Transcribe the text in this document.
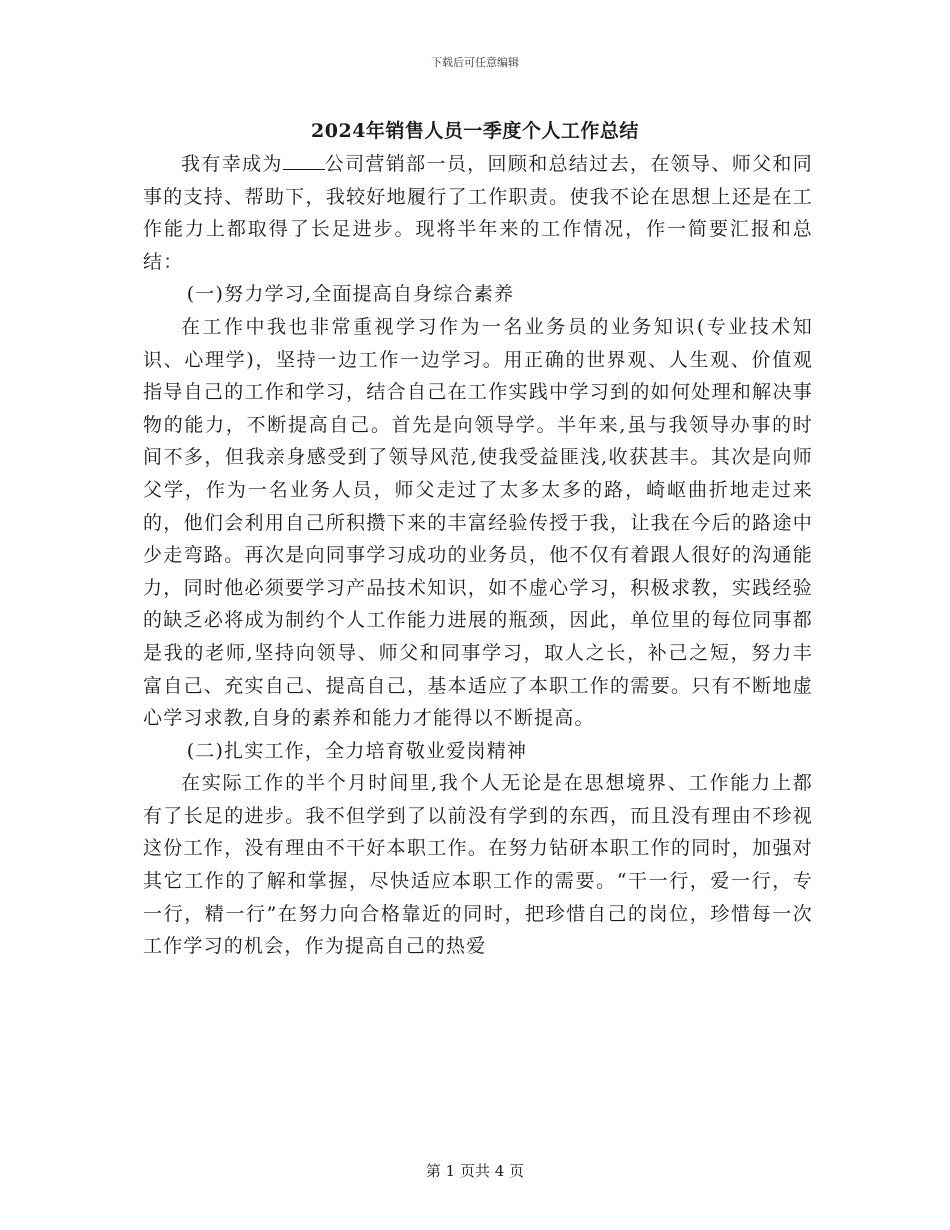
下载后可任意编辑
2024年销售人员一季度个人工作总结

我有幸成为 公司营销部一员，回顾和总结过去，在领导、师父和同事的支持、帮助下，我较好地履行了工作职责。使我不论在思想上还是在工作能力上都取得了长足进步。现将半年来的工作情况，作一简要汇报和总结：

(一)努力学习,全面提高自身综合素养

在工作中我也非常重视学习作为一名业务员的业务知识(专业技术知识、心理学)，坚持一边工作一边学习。用正确的世界观、人生观、价值观指导自己的工作和学习，结合自己在工作实践中学习到的如何处理和解决事物的能力，不断提高自己。首先是向领导学。半年来,虽与我领导办事的时间不多，但我亲身感受到了领导风范,使我受益匪浅,收获甚丰。其次是向师父学，作为一名业务人员，师父走过了太多太多的路，崎岖曲折地走过来的，他们会利用自己所积攒下来的丰富经验传授于我，让我在今后的路途中少走弯路。再次是向同事学习成功的业务员，他不仅有着跟人很好的沟通能力，同时他必须要学习产品技术知识，如不虚心学习，积极求教，实践经验的缺乏必将成为制约个人工作能力进展的瓶颈，因此，单位里的每位同事都是我的老师,坚持向领导、师父和同事学习，取人之长，补己之短，努力丰富自己、充实自己、提高自己，基本适应了本职工作的需要。只有不断地虚心学习求教,自身的素养和能力才能得以不断提高。

(二)扎实工作，全力培育敬业爱岗精神

在实际工作的半个月时间里,我个人无论是在思想境界、工作能力上都有了长足的进步。我不但学到了以前没有学到的东西，而且没有理由不珍视这份工作，没有理由不干好本职工作。在努力钻研本职工作的同时，加强对其它工作的了解和掌握，尽快适应本职工作的需要。“干一行，爱一行，专一行，精一行”在努力向合格靠近的同时，把珍惜自己的岗位，珍惜每一次工作学习的机会，作为提高自己的热爱

第 1 页共 4 页
